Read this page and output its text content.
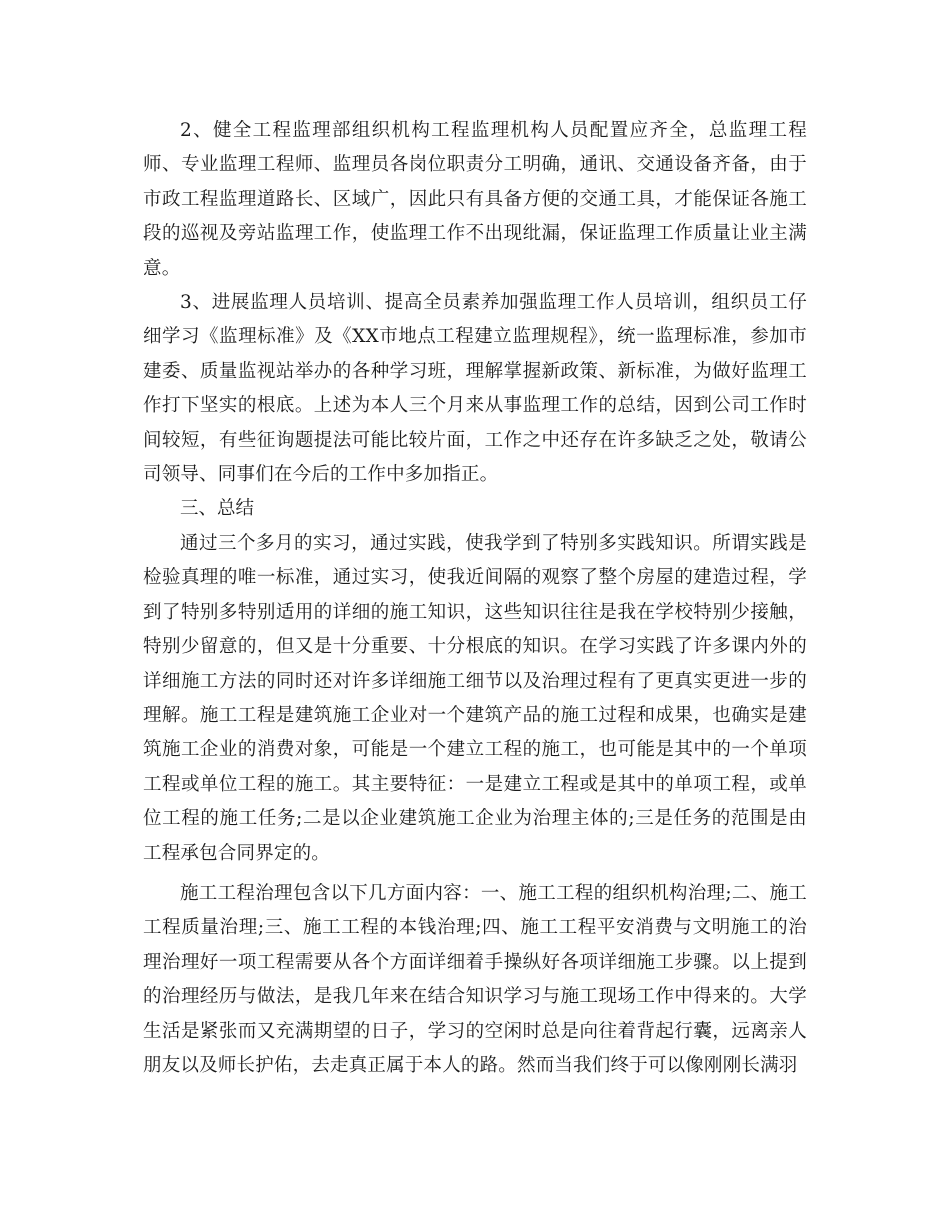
2、健全工程监理部组织机构工程监理机构人员配置应齐全，总监理工程师、专业监理工程师、监理员各岗位职责分工明确，通讯、交通设备齐备，由于市政工程监理道路长、区域广，因此只有具备方便的交通工具，才能保证各施工段的巡视及旁站监理工作，使监理工作不出现纰漏，保证监理工作质量让业主满意。

3、进展监理人员培训、提高全员素养加强监理工作人员培训，组织员工仔细学习《监理标准》及《XX市地点工程建立监理规程》，统一监理标准，参加市建委、质量监视站举办的各种学习班，理解掌握新政策、新标准，为做好监理工作打下坚实的根底。上述为本人三个月来从事监理工作的总结，因到公司工作时间较短，有些征询题提法可能比较片面，工作之中还存在许多缺乏之处，敬请公司领导、同事们在今后的工作中多加指正。

三、总结

通过三个多月的实习，通过实践，使我学到了特别多实践知识。所谓实践是检验真理的唯一标准，通过实习，使我近间隔的观察了整个房屋的建造过程，学到了特别多特别适用的详细的施工知识，这些知识往往是我在学校特别少接触，特别少留意的，但又是十分重要、十分根底的知识。在学习实践了许多课内外的详细施工方法的同时还对许多详细施工细节以及治理过程有了更真实更进一步的理解。施工工程是建筑施工企业对一个建筑产品的施工过程和成果，也确实是建筑施工企业的消费对象，可能是一个建立工程的施工，也可能是其中的一个单项工程或单位工程的施工。其主要特征：一是建立工程或是其中的单项工程，或单位工程的施工任务;二是以企业建筑施工企业为治理主体的;三是任务的范围是由工程承包合同界定的。

施工工程治理包含以下几方面内容：一、施工工程的组织机构治理;二、施工工程质量治理;三、施工工程的本钱治理;四、施工工程平安消费与文明施工的治理治理好一项工程需要从各个方面详细着手操纵好各项详细施工步骤。以上提到的治理经历与做法，是我几年来在结合知识学习与施工现场工作中得来的。大学生活是紧张而又充满期望的日子，学习的空闲时总是向往着背起行囊，远离亲人朋友以及师长护佑，去走真正属于本人的路。然而当我们终于可以像刚刚长满羽
